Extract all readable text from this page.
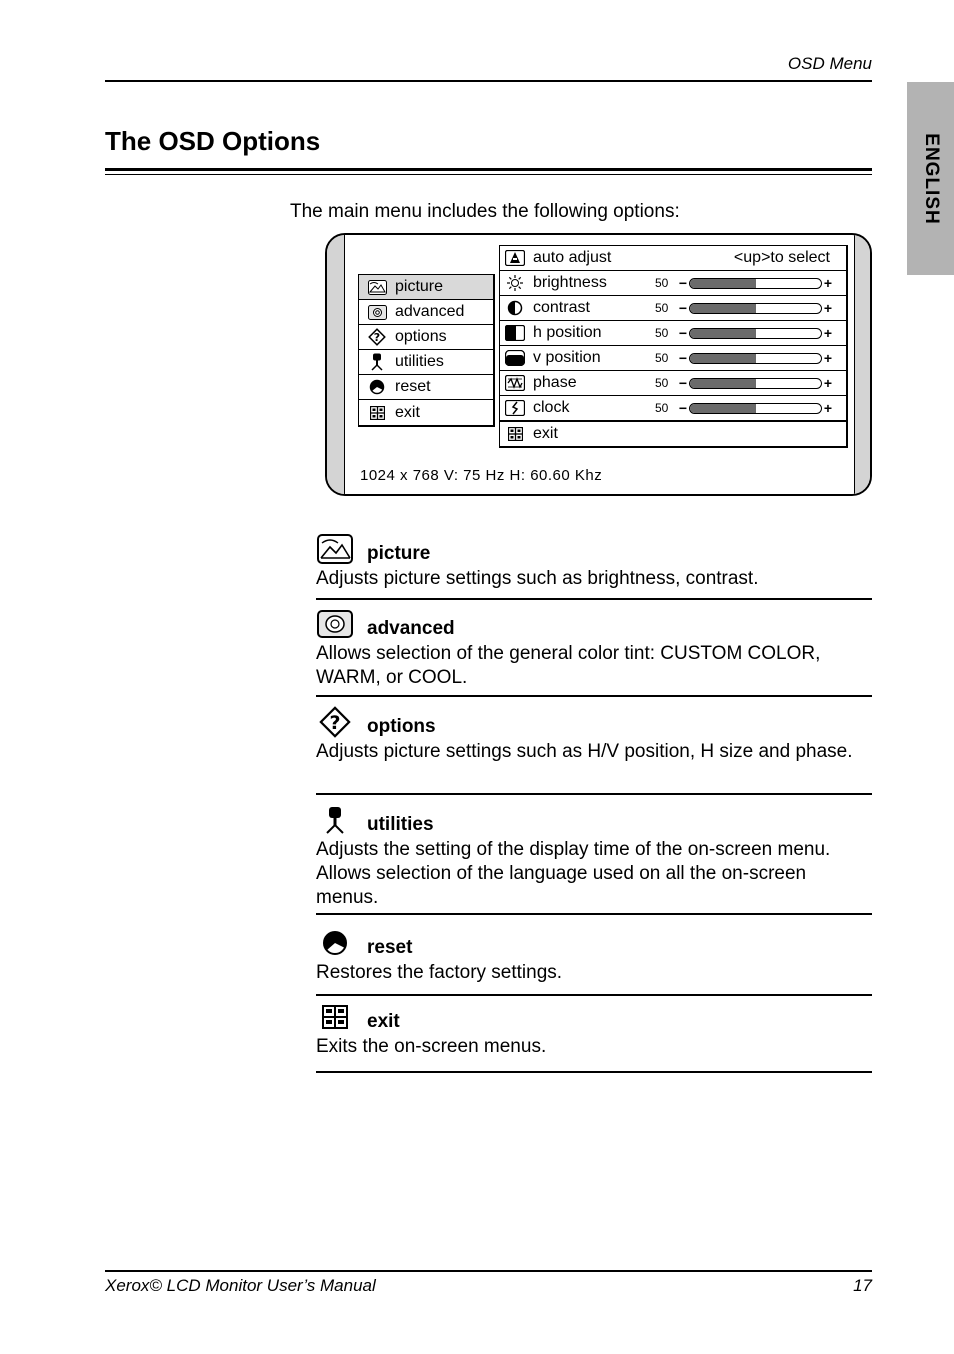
OSD Menu
ENGLISH
The OSD Options

The main menu includes the following options:

picture
advanced
? options
utilities
reset
exit
auto adjust	<up>to select
brightness	50 −	+
contrast	50 −	+
h position	50 −	+
v position	50 −	+
phase	50 −	+
clock	50 −	+
exit
1024 x 768 V: 75 Hz H: 60.60 Khz
picture

Adjusts picture settings such as brightness, contrast.

advanced

Allows selection of the general color tint: CUSTOM COLOR, WARM, or COOL.

? options

Adjusts picture settings such as H/V position, H size and phase.

utilities

Adjusts the setting of the display time of the on-screen menu. Allows selection of the language used on all the on-screen menus.

reset

Restores the factory settings.

exit

Exits the on-screen menus.

Xerox© LCD Monitor User’s Manual	17
